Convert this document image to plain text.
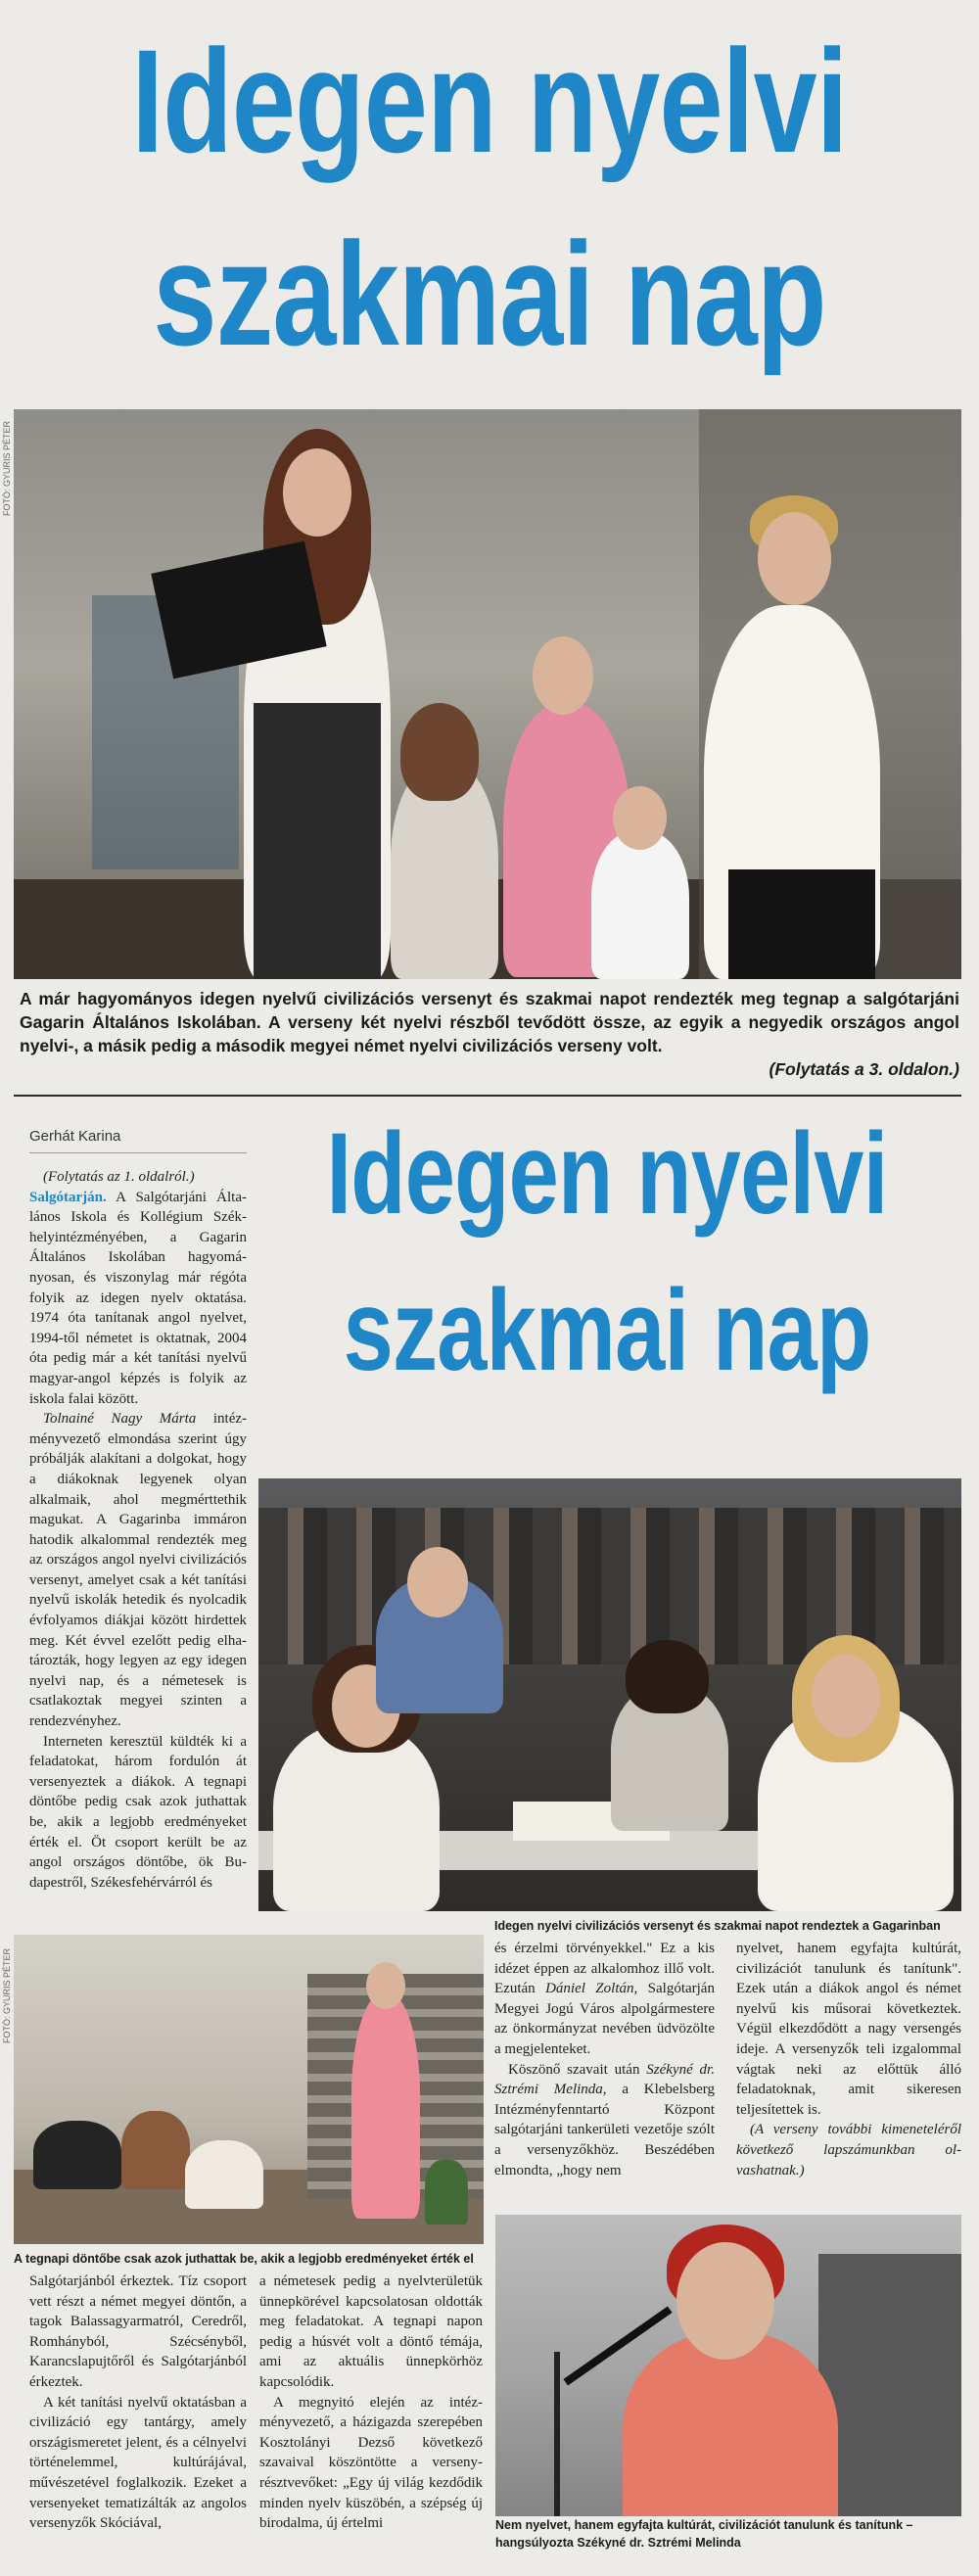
Idegen nyelvi
szakmai nap
FOTÓ: GYURIS PÉTER
A már hagyományos idegen nyelvű civilizációs versenyt és szakmai napot rendezték meg tegnap a salgótarjáni Gagarin Általános Iskolában. A verseny két nyelvi részből tevődött össze, az egyik a negyedik országos angol nyelvi-, a másik pedig a második megyei német nyelvi civilizációs verseny volt.
(Folytatás a 3. oldalon.)
Gerhát Karina Idegen nyelvi
szakmai nap

(Folytatás az 1. oldalról.)

Salgótarján. A Salgótarjáni Általános Iskola és Kollégium Székhelyintézményében, a Gagarin Általános Iskolában hagyományosan, és viszonylag már régóta folyik az idegen nyelv oktatása. 1974 óta tanítanak angol nyelvet, 1994-től németet is oktatnak, 2004 óta pedig már a két tanítási nyelvű magyar-angol képzés is folyik az iskola falai között.

Tolnainé Nagy Márta intézményvezető elmondása szerint úgy próbálják alakítani a dolgokat, hogy a diákoknak legyenek olyan alkalmaik, ahol megmérttethik magukat. A Gagarinba immáron hatodik alkalommal rendezték meg az országos angol nyelvi civilizációs versenyt, amelyet csak a két tanítási nyelvű iskolák hetedik és nyolcadik évfolyamos diákjai között hirdettek meg. Két évvel ezelőtt pedig elhatározták, hogy legyen az egy idegen nyelvi nap, és a németesek is csatlakoztak megyei szinten a rendezvényhez.

Interneten keresztül küldték ki a feladatokat, három fordulón át versenyeztek a diákok. A tegnapi döntőbe pedig csak azok juthattak be, akik a legjobb eredményeket érték el. Öt csoport került be az angol országos döntőbe, ök Budapestről, Székesfehérvárról és

Idegen nyelvi civilizációs versenyt és szakmai napot rendeztek a Gagarinban
FOTÓ: GYURIS PÉTER
A tegnapi döntőbe csak azok juthattak be, akik a legjobb eredményeket érték el

és érzelmi törvényekkel." Ez a kis idézet éppen az alkalomhoz illő volt. Ezután Dániel Zoltán, Salgótarján Megyei Jogú Város alpolgármestere az önkormányzat nevében üdvözölte a megjelenteket.

Köszönő szavait után Székyné dr. Sztrémi Melinda, a Klebelsberg Intézményfenntartó Központ salgótarjáni tankerületi vezetője szólt a versenyzőkhöz. Beszédében elmondta, „hogy nem

nyelvet, hanem egyfajta kultúrát, civilizációt tanulunk és tanítunk". Ezek után a diákok angol és német nyelvű kis műsorai következtek. Végül elkezdődött a nagy versengés ideje. A versenyzők teli izgalommal vágtak neki az előttük álló feladatoknak, amit sikeresen teljesítettek is.

(A verseny további kimeneteléről következő lapszámunkban olvashatnak.)

Salgótarjánból érkeztek. Tíz csoport vett részt a német megyei döntőn, a tagok Balassagyarmatról, Ceredről, Romhányból, Szécsényből, Karancslapujtőről és Salgótarjánból érkeztek.

A két tanítási nyelvű oktatásban a civilizáció egy tantárgy, amely országismeretet jelent, és a célnyelvi történelemmel, kultúrájával, művészetével foglalkozik. Ezeket a versenyeket tematizálták az angolos versenyzők Skóciával,

a németesek pedig a nyelvterületük ünnepkörével kapcsolatosan oldották meg feladatokat. A tegnapi napon pedig a húsvét volt a döntő témája, ami az aktuális ünnepkörhöz kapcsolódik.

A megnyitó elején az intézményvezető, a házigazda szerepében Kosztolányi Dezső következő szavaival köszöntötte a verseny résztvevőket: „Egy új világ kezdődik minden nyelv küszöbén, a szépség új birodalma, új értelmi	Nem nyelvet, hanem egyfajta kultúrát, civilizációt tanulunk és tanítunk – hangsúlyozta Székyné dr. Sztrémi Melinda
